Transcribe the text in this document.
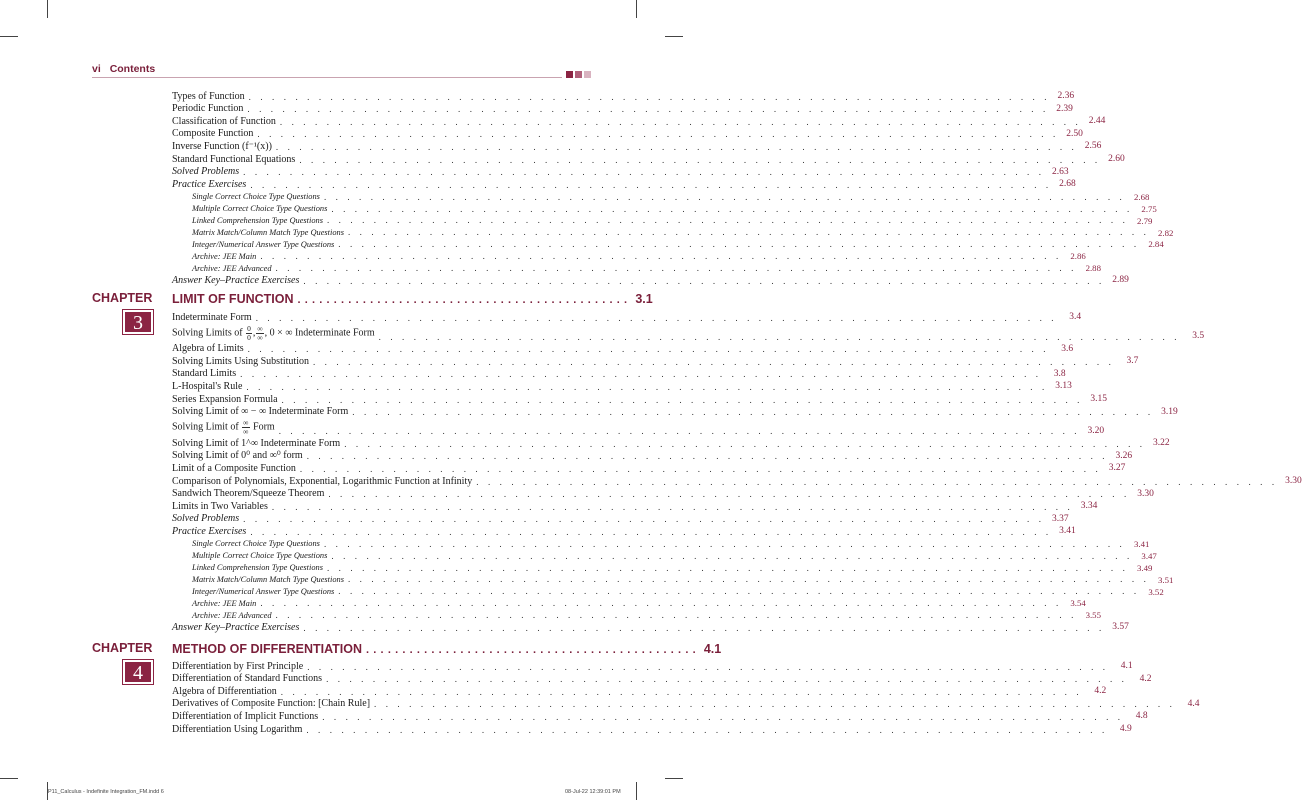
vi Contents
Types of Function . . . . . . . . . . . . . . . . . . . . . . . . . . . . . . . . . . . . . . . . . . . . . . . . . . . . . . . . . . . . . . . . . . . . . 2.36
Periodic Function . . . . . . . . . . . . . . . . . . . . . . . . . . . . . . . . . . . . . . . . . . . . . . . . . . . . . . . . . . . . . . . . . . . . . 2.39
Classification of Function . . . . . . . . . . . . . . . . . . . . . . . . . . . . . . . . . . . . . . . . . . . . . . . . . . . . . . . . . . . . . . . . . . . . . 2.44
Composite Function . . . . . . . . . . . . . . . . . . . . . . . . . . . . . . . . . . . . . . . . . . . . . . . . . . . . . . . . . . . . . . . . . . . . . 2.50
Inverse Function (f⁻¹(x)) . . . . . . . . . . . . . . . . . . . . . . . . . . . . . . . . . . . . . . . . . . . . . . . . . . . . . . . . . . . . . . . . . . . . . 2.56
Standard Functional Equations . . . . . . . . . . . . . . . . . . . . . . . . . . . . . . . . . . . . . . . . . . . . . . . . . . . . . . . . . . . . . . . . . . . . . 2.60
Solved Problems . . . . . . . . . . . . . . . . . . . . . . . . . . . . . . . . . . . . . . . . . . . . . . . . . . . . . . . . . . . . . . . . . . . . . 2.63
Practice Exercises . . . . . . . . . . . . . . . . . . . . . . . . . . . . . . . . . . . . . . . . . . . . . . . . . . . . . . . . . . . . . . . . . . . . . 2.68
Single Correct Choice Type Questions . . . . . . . . . . . . . . . . . . . . . . . . . . . . . . . . . . . . . . . . . . . . . . . . . . . . . . . . . . . . . . . . . . . . . 2.68
Multiple Correct Choice Type Questions . . . . . . . . . . . . . . . . . . . . . . . . . . . . . . . . . . . . . . . . . . . . . . . . . . . . . . . . . . . . . . . . . . . . . 2.75
Linked Comprehension Type Questions . . . . . . . . . . . . . . . . . . . . . . . . . . . . . . . . . . . . . . . . . . . . . . . . . . . . . . . . . . . . . . . . . . . . . 2.79
Matrix Match/Column Match Type Questions . . . . . . . . . . . . . . . . . . . . . . . . . . . . . . . . . . . . . . . . . . . . . . . . . . . . . . . . . . . . . . . . . . . . . 2.82
Integer/Numerical Answer Type Questions . . . . . . . . . . . . . . . . . . . . . . . . . . . . . . . . . . . . . . . . . . . . . . . . . . . . . . . . . . . . . . . . . . . . . 2.84
Archive: JEE Main . . . . . . . . . . . . . . . . . . . . . . . . . . . . . . . . . . . . . . . . . . . . . . . . . . . . . . . . . . . . . . . . . . . . . 2.86
Archive: JEE Advanced . . . . . . . . . . . . . . . . . . . . . . . . . . . . . . . . . . . . . . . . . . . . . . . . . . . . . . . . . . . . . . . . . . . . . 2.88
Answer Key–Practice Exercises . . . . . . . . . . . . . . . . . . . . . . . . . . . . . . . . . . . . . . . . . . . . . . . . . . . . . . . . . . . . . . . . . . . . . 2.89
CHAPTER
3
LIMIT OF FUNCTION .............................................. 3.1
Indeterminate Form . . . . . . . . . . . . . . . . . . . . . . . . . . . . . . . . . . . . . . . . . . . . . . . . . . . . . . . . . . . . . . . . . . . . .	3.4
Solving Limits of $\frac{0}{0}$ , $\frac{\infty}{\infty}$ , 0 × ∞ Indeterminate Form . . . . . . . . . . . . . . . . . . . . . . . . . . . . . . . . . . . . . . . . . . . . . . . . . . . . . . . . . . . . . . . . . . . . .	3.5
Algebra of Limits . . . . . . . . . . . . . . . . . . . . . . . . . . . . . . . . . . . . . . . . . . . . . . . . . . . . . . . . . . . . . . . . . . . . .	3.6
Solving Limits Using Substitution . . . . . . . . . . . . . . . . . . . . . . . . . . . . . . . . . . . . . . . . . . . . . . . . . . . . . . . . . . . . . . . . . . . . .	3.7
Standard Limits . . . . . . . . . . . . . . . . . . . . . . . . . . . . . . . . . . . . . . . . . . . . . . . . . . . . . . . . . . . . . . . . . . . . .	3.8
L-Hospital's Rule . . . . . . . . . . . . . . . . . . . . . . . . . . . . . . . . . . . . . . . . . . . . . . . . . . . . . . . . . . . . . . . . . . . . . 3.13
Series Expansion Formula . . . . . . . . . . . . . . . . . . . . . . . . . . . . . . . . . . . . . . . . . . . . . . . . . . . . . . . . . . . . . . . . . . . . . 3.15
Solving Limit of ∞ − ∞ Indeterminate Form . . . . . . . . . . . . . . . . . . . . . . . . . . . . . . . . . . . . . . . . . . . . . . . . . . . . . . . . . . . . . . . . . . . . . 3.19
Solving Limit of $\frac{\infty}{\infty}$ Form . . . . . . . . . . . . . . . . . . . . . . . . . . . . . . . . . . . . . . . . . . . . . . . . . . . . . . . . . . . . . . . . . . . . . 3.20
Solving Limit of 1^∞ Indeterminate Form . . . . . . . . . . . . . . . . . . . . . . . . . . . . . . . . . . . . . . . . . . . . . . . . . . . . . . . . . . . . . . . . . . . . . 3.22
Solving Limit of 0⁰ and ∞⁰ form . . . . . . . . . . . . . . . . . . . . . . . . . . . . . . . . . . . . . . . . . . . . . . . . . . . . . . . . . . . . . . . . . . . . . 3.26
Limit of a Composite Function . . . . . . . . . . . . . . . . . . . . . . . . . . . . . . . . . . . . . . . . . . . . . . . . . . . . . . . . . . . . . . . . . . . . . 3.27
Comparison of Polynomials, Exponential, Logarithmic Function at Infinity . . . . . . . . . . . . . . . . . . . . . . . . . . . . . . . . . . . . . . . . . . . . . . . . . . . . . . . . . . . . . . . . . . . . . 3.30
Sandwich Theorem/Squeeze Theorem . . . . . . . . . . . . . . . . . . . . . . . . . . . . . . . . . . . . . . . . . . . . . . . . . . . . . . . . . . . . . . . . . . . . . 3.30
Limits in Two Variables . . . . . . . . . . . . . . . . . . . . . . . . . . . . . . . . . . . . . . . . . . . . . . . . . . . . . . . . . . . . . . . . . . . . . 3.34
Solved Problems . . . . . . . . . . . . . . . . . . . . . . . . . . . . . . . . . . . . . . . . . . . . . . . . . . . . . . . . . . . . . . . . . . . . . 3.37
Practice Exercises . . . . . . . . . . . . . . . . . . . . . . . . . . . . . . . . . . . . . . . . . . . . . . . . . . . . . . . . . . . . . . . . . . . . . 3.41
Single Correct Choice Type Questions . . . . . . . . . . . . . . . . . . . . . . . . . . . . . . . . . . . . . . . . . . . . . . . . . . . . . . . . . . . . . . . . . . . . . 3.41
Multiple Correct Choice Type Questions . . . . . . . . . . . . . . . . . . . . . . . . . . . . . . . . . . . . . . . . . . . . . . . . . . . . . . . . . . . . . . . . . . . . . 3.47
Linked Comprehension Type Questions . . . . . . . . . . . . . . . . . . . . . . . . . . . . . . . . . . . . . . . . . . . . . . . . . . . . . . . . . . . . . . . . . . . . . 3.49
Matrix Match/Column Match Type Questions . . . . . . . . . . . . . . . . . . . . . . . . . . . . . . . . . . . . . . . . . . . . . . . . . . . . . . . . . . . . . . . . . . . . . 3.51
Integer/Numerical Answer Type Questions . . . . . . . . . . . . . . . . . . . . . . . . . . . . . . . . . . . . . . . . . . . . . . . . . . . . . . . . . . . . . . . . . . . . . 3.52
Archive: JEE Main . . . . . . . . . . . . . . . . . . . . . . . . . . . . . . . . . . . . . . . . . . . . . . . . . . . . . . . . . . . . . . . . . . . . . 3.54
Archive: JEE Advanced . . . . . . . . . . . . . . . . . . . . . . . . . . . . . . . . . . . . . . . . . . . . . . . . . . . . . . . . . . . . . . . . . . . . . 3.55
Answer Key–Practice Exercises . . . . . . . . . . . . . . . . . . . . . . . . . . . . . . . . . . . . . . . . . . . . . . . . . . . . . . . . . . . . . . . . . . . . . 3.57
CHAPTER
4
METHOD OF DIFFERENTIATION .............................................. 4.1
Differentiation by First Principle . . . . . . . . . . . . . . . . . . . . . . . . . . . . . . . . . . . . . . . . . . . . . . . . . . . . . . . . . . . . . . . . . . . . .	4.1
Differentiation of Standard Functions . . . . . . . . . . . . . . . . . . . . . . . . . . . . . . . . . . . . . . . . . . . . . . . . . . . . . . . . . . . . . . . . . . . . .	4.2
Algebra of Differentiation . . . . . . . . . . . . . . . . . . . . . . . . . . . . . . . . . . . . . . . . . . . . . . . . . . . . . . . . . . . . . . . . . . . . .	4.2
Derivatives of Composite Function: [Chain Rule] . . . . . . . . . . . . . . . . . . . . . . . . . . . . . . . . . . . . . . . . . . . . . . . . . . . . . . . . . . . . . . . . . . . . .	4.4
Differentiation of Implicit Functions . . . . . . . . . . . . . . . . . . . . . . . . . . . . . . . . . . . . . . . . . . . . . . . . . . . . . . . . . . . . . . . . . . . . .	4.8
Differentiation Using Logarithm . . . . . . . . . . . . . . . . . . . . . . . . . . . . . . . . . . . . . . . . . . . . . . . . . . . . . . . . . . . . . . . . . . . . .	4.9
P11_Calculus - Indefinite Integration_FM.indd 6	08-Jul-22 12:39:01 PM
